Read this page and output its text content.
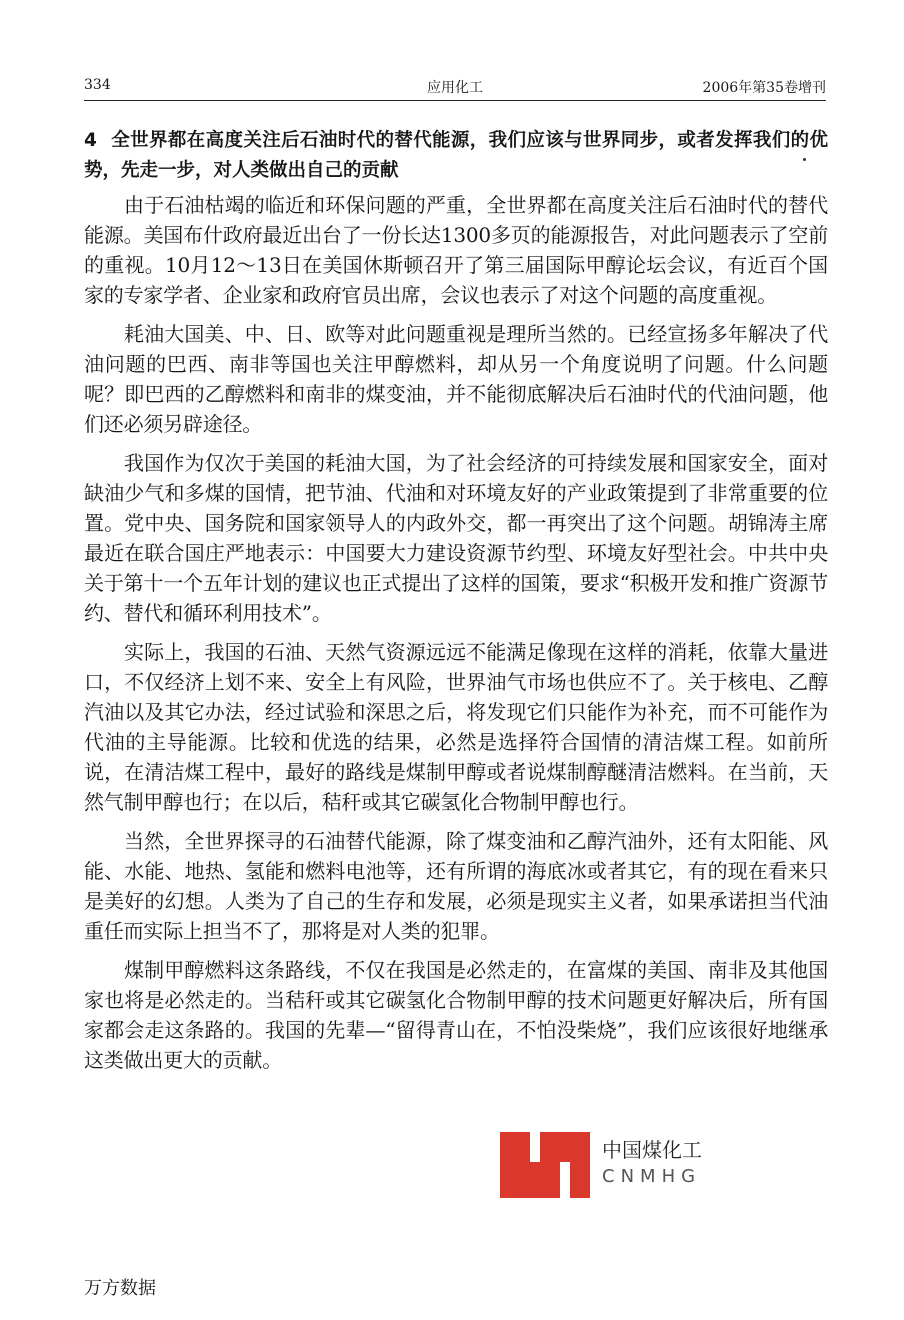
334	应用化工	2006年第35卷增刊
4 全世界都在高度关注后石油时代的替代能源，我们应该与世界同步，或者发挥我们的优势，先走一步，对人类做出自己的贡献

由于石油枯竭的临近和环保问题的严重，全世界都在高度关注后石油时代的替代能源。美国布什政府最近出台了一份长达1300多页的能源报告，对此问题表示了空前的重视。10月12～13日在美国休斯顿召开了第三届国际甲醇论坛会议，有近百个国家的专家学者、企业家和政府官员出席，会议也表示了对这个问题的高度重视。

耗油大国美、中、日、欧等对此问题重视是理所当然的。已经宣扬多年解决了代油问题的巴西、南非等国也关注甲醇燃料，却从另一个角度说明了问题。什么问题呢？即巴西的乙醇燃料和南非的煤变油，并不能彻底解决后石油时代的代油问题，他们还必须另辟途径。

我国作为仅次于美国的耗油大国，为了社会经济的可持续发展和国家安全，面对缺油少气和多煤的国情，把节油、代油和对环境友好的产业政策提到了非常重要的位置。党中央、国务院和国家领导人的内政外交，都一再突出了这个问题。胡锦涛主席最近在联合国庄严地表示：中国要大力建设资源节约型、环境友好型社会。中共中央关于第十一个五年计划的建议也正式提出了这样的国策，要求“积极开发和推广资源节约、替代和循环利用技术”。

实际上，我国的石油、天然气资源远远不能满足像现在这样的消耗，依靠大量进口，不仅经济上划不来、安全上有风险，世界油气市场也供应不了。关于核电、乙醇汽油以及其它办法，经过试验和深思之后，将发现它们只能作为补充，而不可能作为代油的主导能源。比较和优选的结果，必然是选择符合国情的清洁煤工程。如前所说，在清洁煤工程中，最好的路线是煤制甲醇或者说煤制醇醚清洁燃料。在当前，天然气制甲醇也行；在以后，秸秆或其它碳氢化合物制甲醇也行。

当然，全世界探寻的石油替代能源，除了煤变油和乙醇汽油外，还有太阳能、风能、水能、地热、氢能和燃料电池等，还有所谓的海底冰或者其它，有的现在看来只是美好的幻想。人类为了自己的生存和发展，必须是现实主义者，如果承诺担当代油重任而实际上担当不了，那将是对人类的犯罪。

煤制甲醇燃料这条路线，不仅在我国是必然走的，在富煤的美国、南非及其他国家也将是必然走的。当秸秆或其它碳氢化合物制甲醇的技术问题更好解决后，所有国家都会走这条路的。我国的先辈—“留得青山在，不怕没柴烧”，我们应该很好地继承这类做出更大的贡献。

中国煤化工
CNMHG
万方数据
